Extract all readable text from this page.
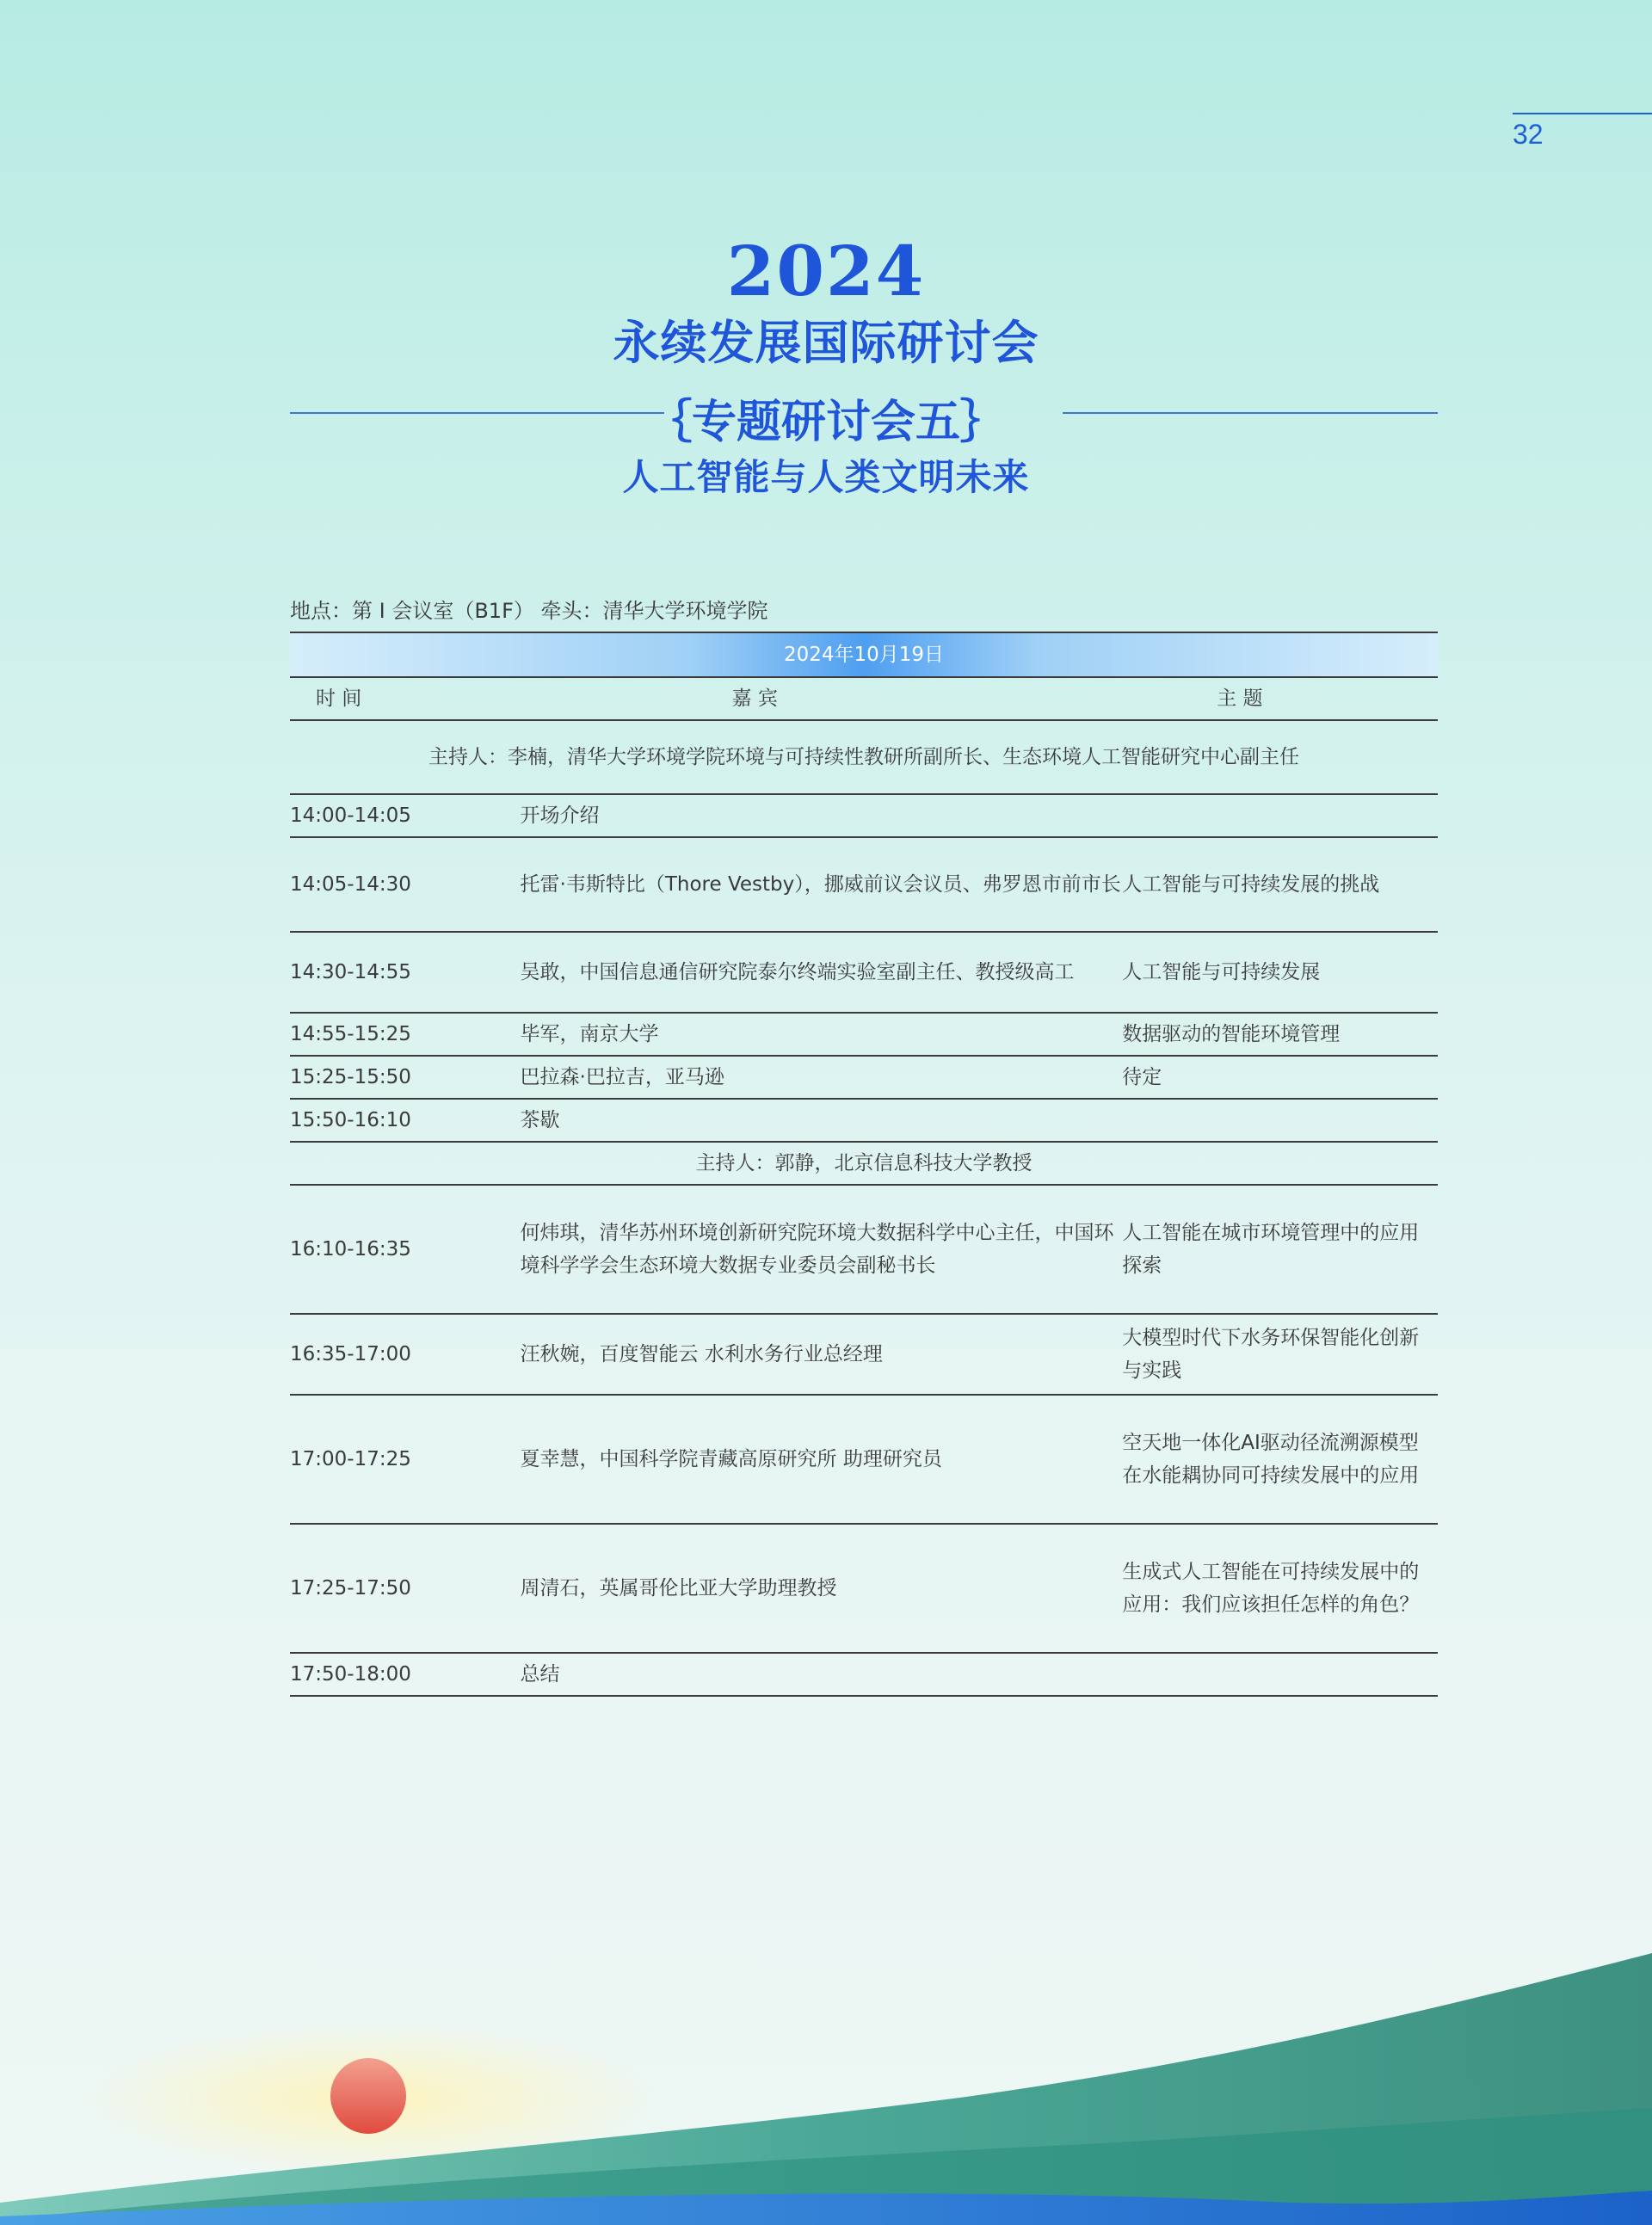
32
2024
永续发展国际研讨会
｛专题研讨会五｝
人工智能与人类文明未来
地点：第 I 会议室（B1F） 牵头：清华大学环境学院
2024年10月19日		
时 间	嘉 宾	主 题
主持人：李楠，清华大学环境学院环境与可持续性教研所副所长、生态环境人工智能研究中心副主任		
14:00-14:05	开场介绍	
14:05-14:30	托雷·韦斯特比（Thore Vestby），挪威前议会议员、弗罗恩市前市长	人工智能与可持续发展的挑战
14:30-14:55	吴敢，中国信息通信研究院泰尔终端实验室副主任、教授级高工	人工智能与可持续发展
14:55-15:25	毕军，南京大学	数据驱动的智能环境管理
15:25-15:50	巴拉森·巴拉吉，亚马逊	待定
15:50-16:10	茶歇	
主持人：郭静，北京信息科技大学教授		
16:10-16:35	何炜琪，清华苏州环境创新研究院环境大数据科学中心主任，中国环境科学学会生态环境大数据专业委员会副秘书长	人工智能在城市环境管理中的应用探索
16:35-17:00	汪秋婉，百度智能云 水利水务行业总经理	大模型时代下水务环保智能化创新与实践
17:00-17:25	夏幸慧，中国科学院青藏高原研究所 助理研究员	空天地一体化AI驱动径流溯源模型在水能耦协同可持续发展中的应用
17:25-17:50	周清石，英属哥伦比亚大学助理教授	生成式人工智能在可持续发展中的应用：我们应该担任怎样的角色？
17:50-18:00	总结	
